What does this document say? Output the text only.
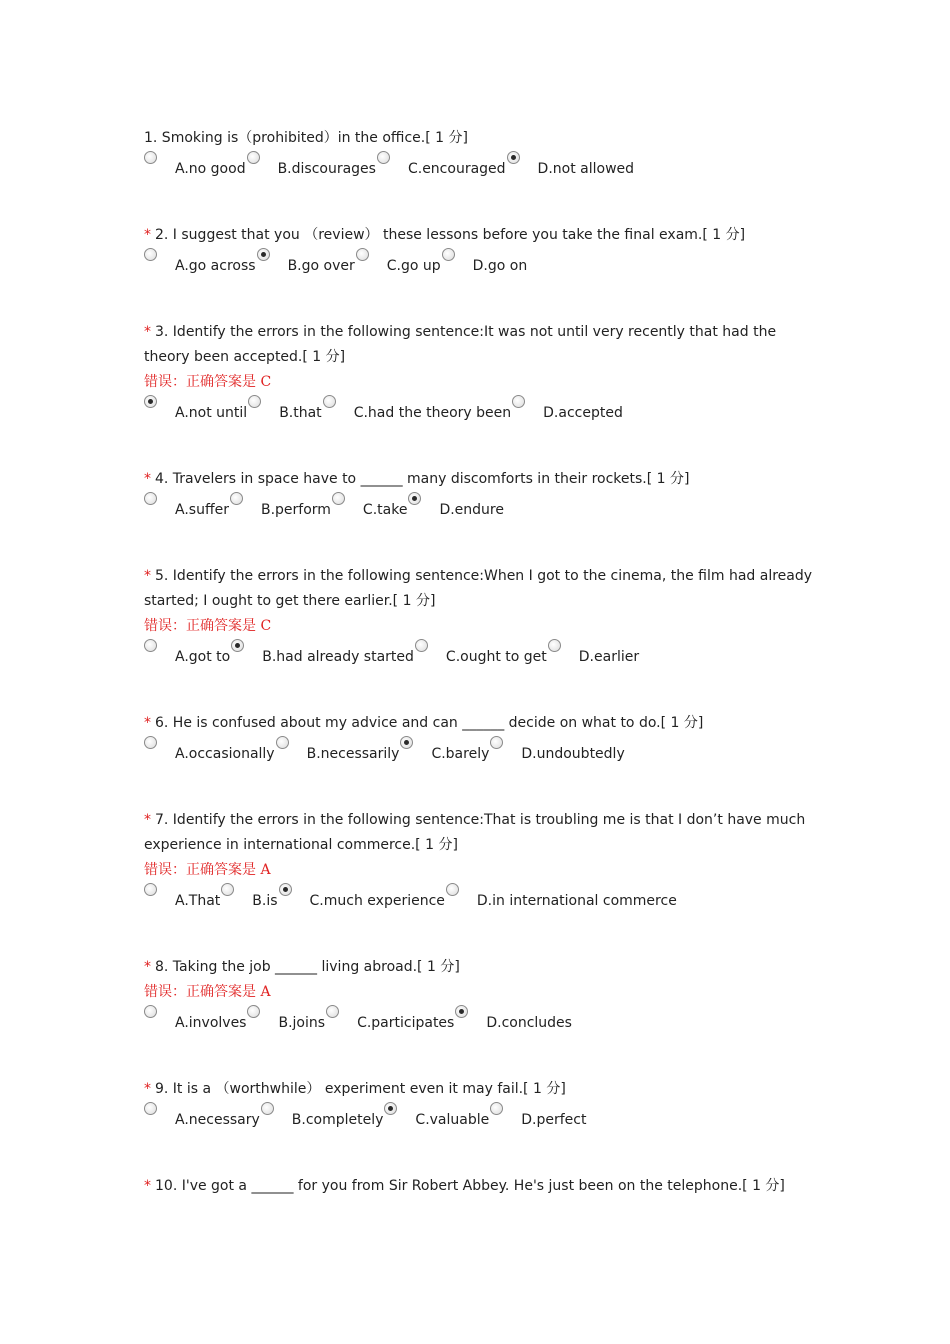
1. Smoking is（prohibited）in the office.[ 1 分]

A.no good B.discourages C.encouraged D.not allowed

* 2. I suggest that you （review） these lessons before you take the final exam.[ 1 分]

A.go across B.go over C.go up D.go on

* 3. Identify the errors in the following sentence:It was not until very recently that had the theory been accepted.[ 1 分]

错误：正确答案是 C
A.not until B.that C.had the theory been D.accepted

* 4. Travelers in space have to ______ many discomforts in their rockets.[ 1 分]

A.suffer B.perform C.take D.endure

* 5. Identify the errors in the following sentence:When I got to the cinema, the film had already started; I ought to get there earlier.[ 1 分]

错误：正确答案是 C
A.got to B.had already started C.ought to get D.earlier

* 6. He is confused about my advice and can ______ decide on what to do.[ 1 分]

A.occasionally B.necessarily C.barely D.undoubtedly

* 7. Identify the errors in the following sentence:That is troubling me is that I don’t have much experience in international commerce.[ 1 分]

错误：正确答案是 A
A.That B.is C.much experience D.in international commerce

* 8. Taking the job ______ living abroad.[ 1 分]

错误：正确答案是 A
A.involves B.joins C.participates D.concludes

* 9. It is a （worthwhile） experiment even it may fail.[ 1 分]

A.necessary B.completely C.valuable D.perfect

* 10. I've got a ______ for you from Sir Robert Abbey. He's just been on the telephone.[ 1 分]
